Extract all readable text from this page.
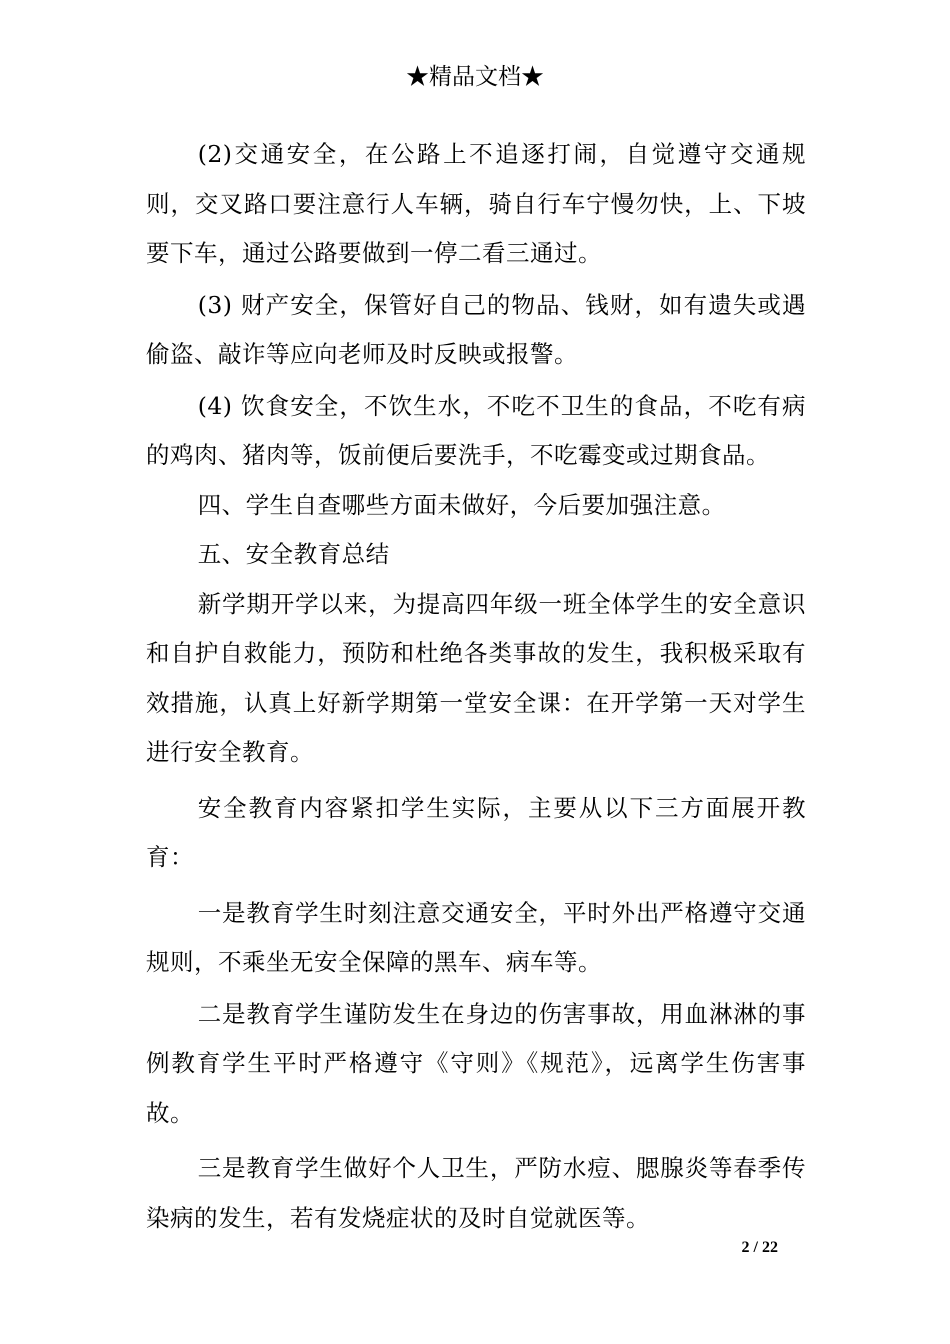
★精品文档★

(2)交通安全，在公路上不追逐打闹，自觉遵守交通规则，交叉路口要注意行人车辆，骑自行车宁慢勿快，上、下坡要下车，通过公路要做到一停二看三通过。

(3) 财产安全，保管好自己的物品、钱财，如有遗失或遇偷盗、敲诈等应向老师及时反映或报警。

(4) 饮食安全，不饮生水，不吃不卫生的食品，不吃有病的鸡肉、猪肉等，饭前便后要洗手，不吃霉变或过期食品。

四、学生自查哪些方面未做好，今后要加强注意。

五、安全教育总结

新学期开学以来，为提高四年级一班全体学生的安全意识和自护自救能力，预防和杜绝各类事故的发生，我积极采取有效措施，认真上好新学期第一堂安全课：在开学第一天对学生进行安全教育。

安全教育内容紧扣学生实际，主要从以下三方面展开教育：

一是教育学生时刻注意交通安全，平时外出严格遵守交通规则，不乘坐无安全保障的黑车、病车等。

二是教育学生谨防发生在身边的伤害事故，用血淋淋的事例教育学生平时严格遵守《守则》《规范》，远离学生伤害事故。

三是教育学生做好个人卫生，严防水痘、腮腺炎等春季传染病的发生，若有发烧症状的及时自觉就医等。

2 / 22
